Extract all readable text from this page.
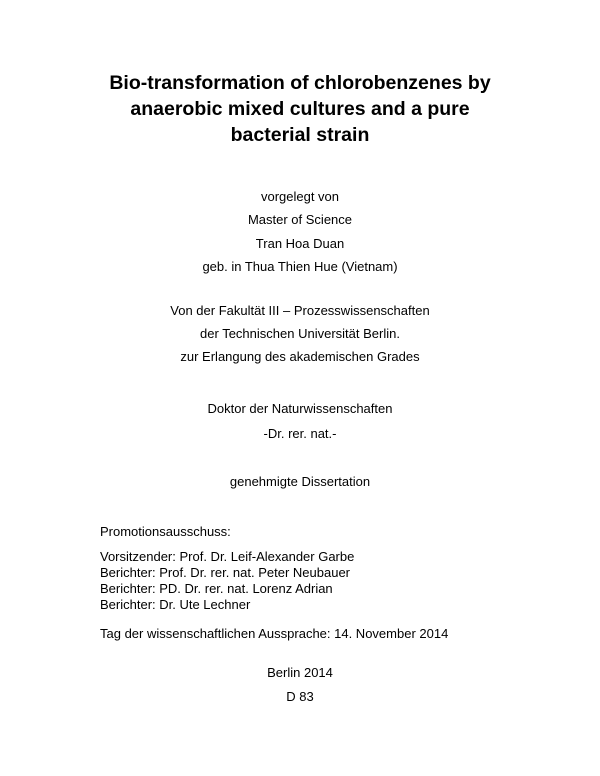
Bio-transformation of chlorobenzenes by
anaerobic mixed cultures and a pure
bacterial strain
vorgelegt von
Master of Science
Tran Hoa Duan
geb. in Thua Thien Hue (Vietnam)
Von der Fakultät III – Prozesswissenschaften
der Technischen Universität Berlin.
zur Erlangung des akademischen Grades
Doktor der Naturwissenschaften
-Dr. rer. nat.-
genehmigte Dissertation
Promotionsausschuss:
Vorsitzender: Prof. Dr. Leif-Alexander Garbe
Berichter: Prof. Dr. rer. nat. Peter Neubauer
Berichter: PD. Dr. rer. nat. Lorenz Adrian
Berichter: Dr. Ute Lechner
Tag der wissenschaftlichen Aussprache: 14. November 2014
Berlin 2014
D 83
